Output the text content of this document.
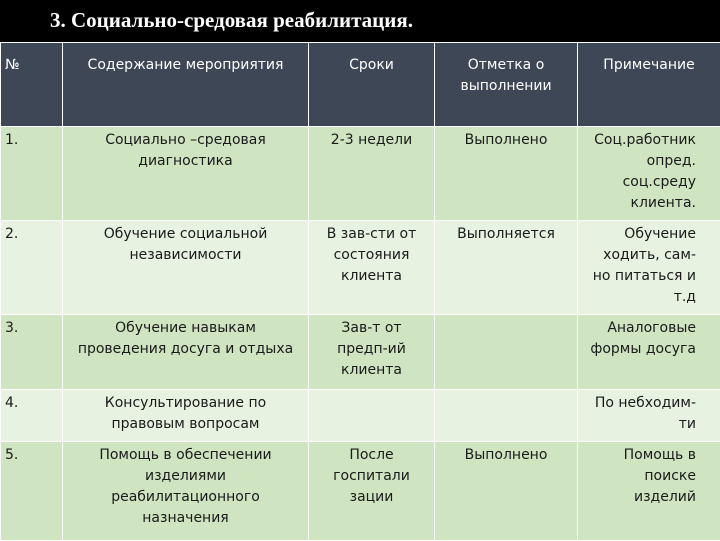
3. Социально-средовая реабилитация.
№	Содержание мероприятия	Сроки	Отметка о выполнении	Примечание
1.	Социально –средовая диагностика	2-3 недели	Выполнено	Соц.работник опред. соц.среду клиента.
2.	Обучение социальной независимости	В зав-сти от состояния клиента	Выполняется	Обучение ходить, сам-но питаться и т.д
3.	Обучение навыкам проведения досуга и отдыха	Зав-т от предп-ий клиента		Аналоговые формы досуга
4.	Консультирование по правовым вопросам			По небходим-ти
5.	Помощь в обеспечении изделиями реабилитационного назначения	После госпитали зации	Выполнено	Помощь в поиске изделий
